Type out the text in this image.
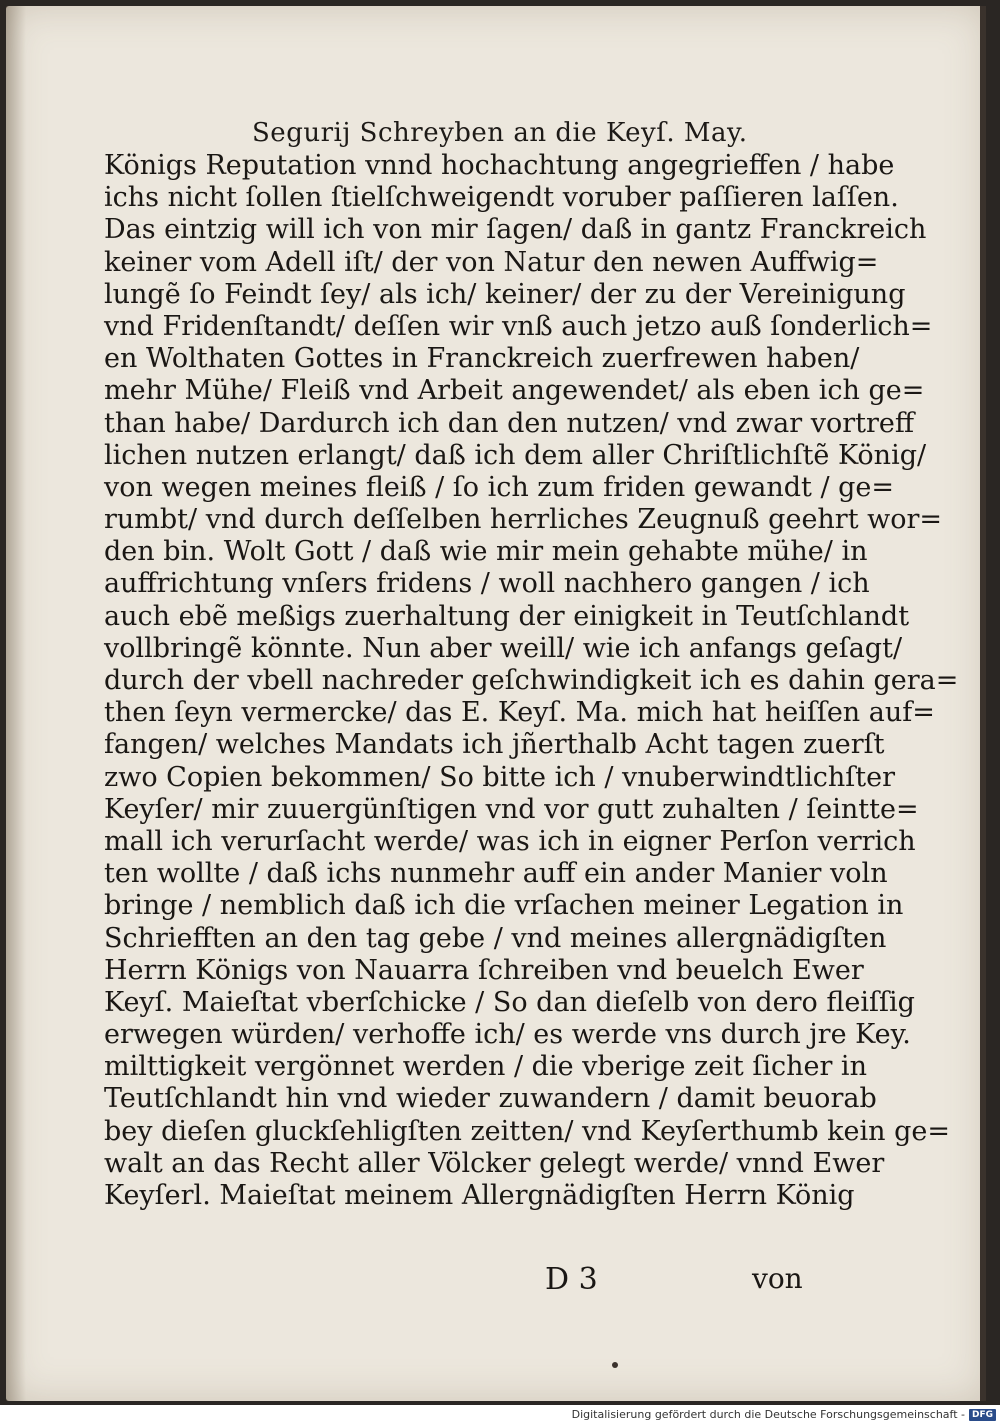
Segurij Schreyben an die Keyſ. May.
Königs Reputation vnnd hochachtung angegrieffen / habe
ichs nicht ſollen ſtielſchweigendt voruber paſſieren laſſen.
Das eintzig will ich von mir ſagen/ daß in gantz Franckreich
keiner vom Adell iſt/ der von Natur den newen Auffwig=
lungẽ ſo Feindt ſey/ als ich/ keiner/ der zu der Vereinigung
vnd Fridenſtandt/ deſſen wir vnß auch jetzo auß ſonderlich=
en Wolthaten Gottes in Franckreich zuerfrewen haben/
mehr Mühe/ Fleiß vnd Arbeit angewendet/ als eben ich ge=
than habe/ Dardurch ich dan den nutzen/ vnd zwar vortreff
lichen nutzen erlangt/ daß ich dem aller Chriſtlichſtẽ König/
von wegen meines fleiß / ſo ich zum friden gewandt / ge=
rumbt/ vnd durch deſſelben herrliches Zeugnuß geehrt wor=
den bin. Wolt Gott / daß wie mir mein gehabte mühe/ in
auffrichtung vnſers fridens / woll nachhero gangen / ich
auch ebẽ meßigs zuerhaltung der einigkeit in Teutſchlandt
vollbringẽ könnte. Nun aber weill/ wie ich anfangs geſagt/
durch der vbell nachreder geſchwindigkeit ich es dahin gera=
then ſeyn vermercke/ das E. Keyſ. Ma. mich hat heiſſen auf=
fangen/ welches Mandats ich jñerthalb Acht tagen zuerſt
zwo Copien bekommen/ So bitte ich / vnuberwindtlichſter
Keyſer/ mir zuuergünſtigen vnd vor gutt zuhalten / ſeintte=
mall ich verurſacht werde/ was ich in eigner Perſon verrich
ten wollte / daß ichs nunmehr auff ein ander Manier voln
bringe / nemblich daß ich die vrſachen meiner Legation in
Schriefften an den tag gebe / vnd meines allergnädigſten
Herrn Königs von Nauarra ſchreiben vnd beuelch Ewer
Keyſ. Maieſtat vberſchicke / So dan dieſelb von dero fleiſſig
erwegen würden/ verhoffe ich/ es werde vns durch jre Key.
milttigkeit vergönnet werden / die vberige zeit ſicher in
Teutſchlandt hin vnd wieder zuwandern / damit beuorab
bey dieſen gluckſehligſten zeitten/ vnd Keyſerthumb kein ge=
walt an das Recht aller Völcker gelegt werde/ vnnd Ewer
Keyſerl. Maieſtat meinem Allergnädigſten Herrn König
D 3	von
Digitalisierung gefördert durch die Deutsche Forschungsgemeinschaft - DFG
